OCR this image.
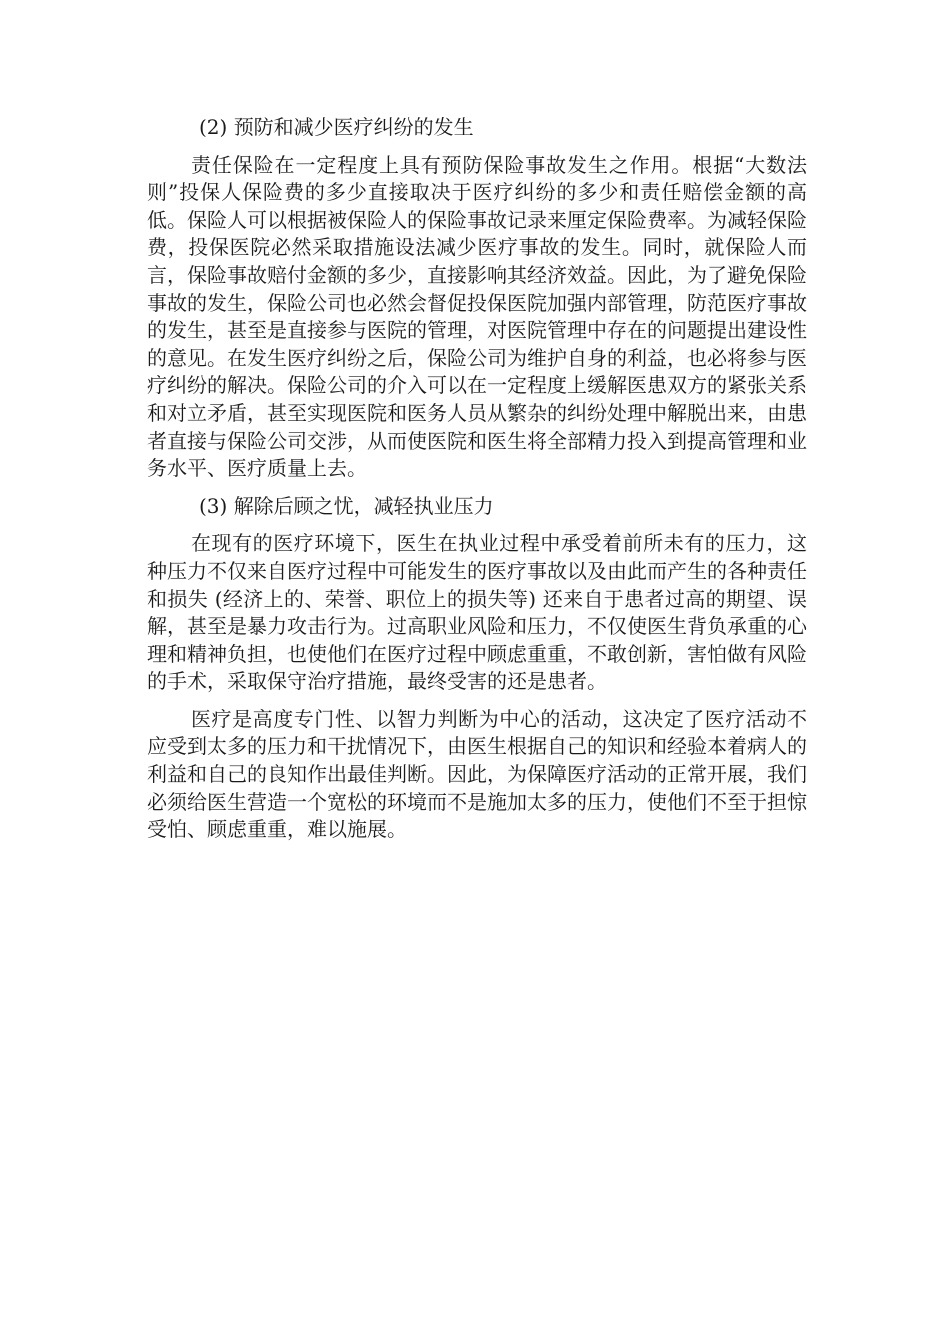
(2) 预防和减少医疗纠纷的发生

责任保险在一定程度上具有预防保险事故发生之作用。根据“大数法则”投保人保险费的多少直接取决于医疗纠纷的多少和责任赔偿金额的高低。保险人可以根据被保险人的保险事故记录来厘定保险费率。为减轻保险费，投保医院必然采取措施设法减少医疗事故的发生。同时，就保险人而言，保险事故赔付金额的多少，直接影响其经济效益。因此，为了避免保险事故的发生，保险公司也必然会督促投保医院加强内部管理，防范医疗事故的发生，甚至是直接参与医院的管理，对医院管理中存在的问题提出建设性的意见。在发生医疗纠纷之后，保险公司为维护自身的利益，也必将参与医疗纠纷的解决。保险公司的介入可以在一定程度上缓解医患双方的紧张关系和对立矛盾，甚至实现医院和医务人员从繁杂的纠纷处理中解脱出来，由患者直接与保险公司交涉，从而使医院和医生将全部精力投入到提高管理和业务水平、医疗质量上去。

(3) 解除后顾之忧，减轻执业压力

在现有的医疗环境下，医生在执业过程中承受着前所未有的压力，这种压力不仅来自医疗过程中可能发生的医疗事故以及由此而产生的各种责任和损失 (经济上的、荣誉、职位上的损失等) 还来自于患者过高的期望、误解，甚至是暴力攻击行为。过高职业风险和压力，不仅使医生背负承重的心理和精神负担，也使他们在医疗过程中顾虑重重，不敢创新，害怕做有风险的手术，采取保守治疗措施，最终受害的还是患者。

医疗是高度专门性、以智力判断为中心的活动，这决定了医疗活动不应受到太多的压力和干扰情况下，由医生根据自己的知识和经验本着病人的利益和自己的良知作出最佳判断。因此，为保障医疗活动的正常开展，我们必须给医生营造一个宽松的环境而不是施加太多的压力，使他们不至于担惊受怕、顾虑重重，难以施展。
